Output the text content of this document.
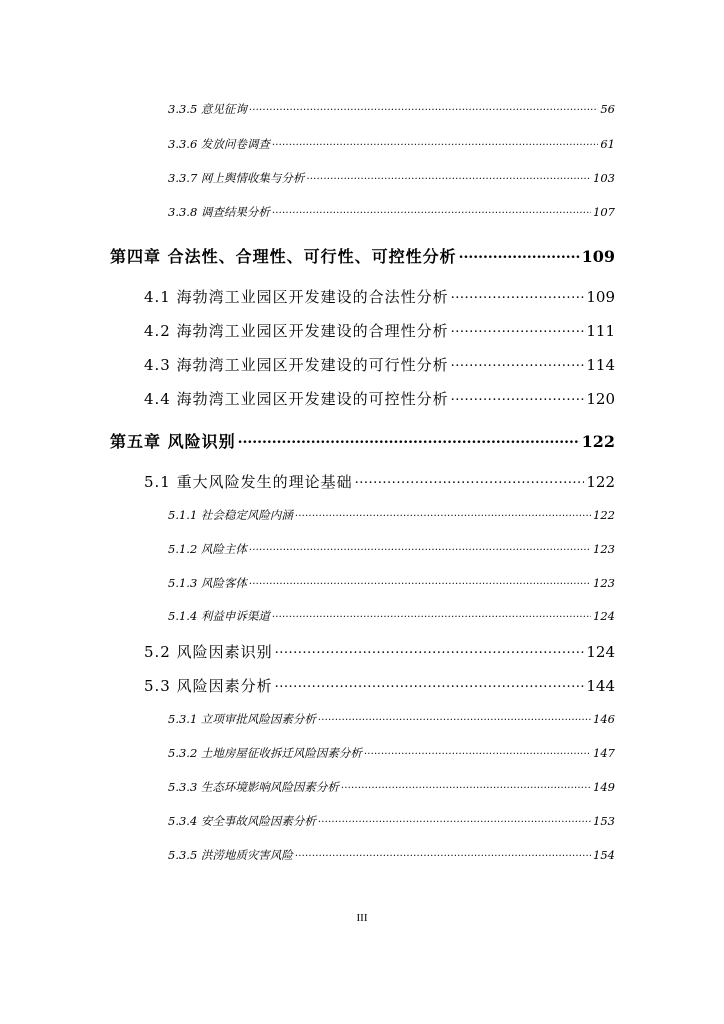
3.3.5 意见征询 .....	56
3.3.6 发放问卷调查 .....	61
3.3.7 网上舆情收集与分析 .....	103
3.3.8 调查结果分析 .....	107
第四章 合法性、合理性、可行性、可控性分析 .....	109
4.1 海勃湾工业园区开发建设的合法性分析 .....	109
4.2 海勃湾工业园区开发建设的合理性分析 .....	111
4.3 海勃湾工业园区开发建设的可行性分析 .....	114
4.4 海勃湾工业园区开发建设的可控性分析 .....	120
第五章 风险识别 .....	122
5.1 重大风险发生的理论基础 .....	122
5.1.1 社会稳定风险内涵 .....	122
5.1.2 风险主体 .....	123
5.1.3 风险客体 .....	123
5.1.4 利益申诉渠道 .....	124
5.2 风险因素识别 .....	124
5.3 风险因素分析 .....	144
5.3.1 立项审批风险因素分析 .....	146
5.3.2 土地房屋征收拆迁风险因素分析 .....	147
5.3.3 生态环境影响风险因素分析 .....	149
5.3.4 安全事故风险因素分析 .....	153
5.3.5 洪涝地质灾害风险 .....	154
III
